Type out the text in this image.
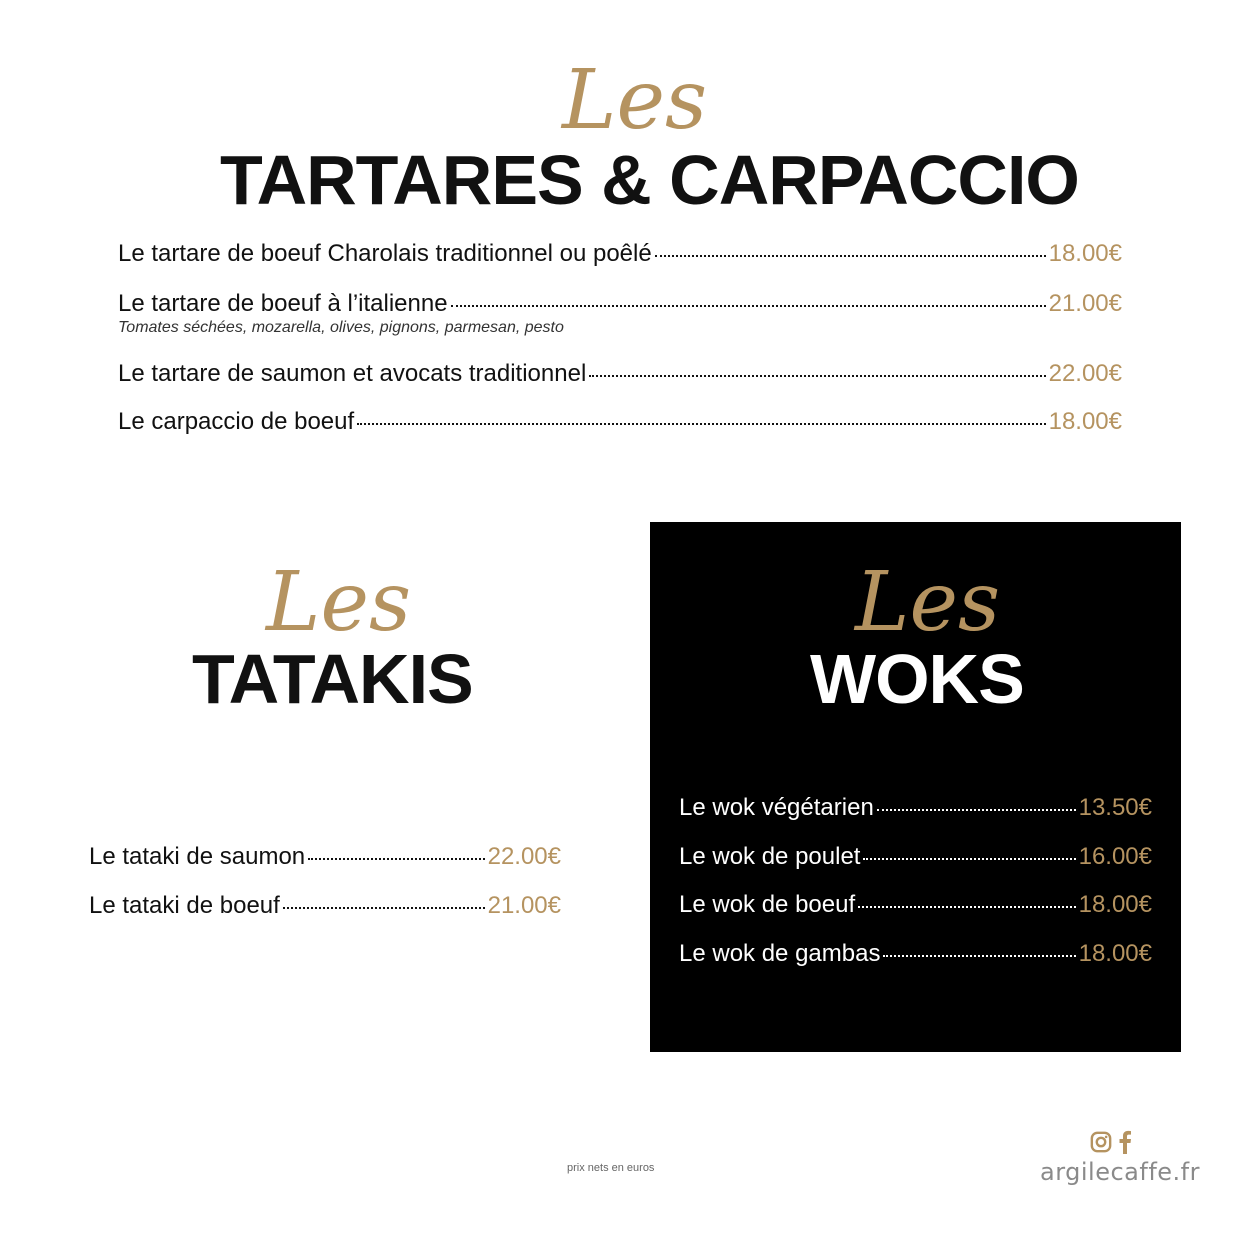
Les
TARTARES & CARPACCIO
Le tartare de boeuf Charolais traditionnel ou poêlé	18.00€
Le tartare de boeuf à l’italienne	21.00€
Tomates séchées, mozarella, olives, pignons, parmesan, pesto
Le tartare de saumon et avocats traditionnel	22.00€
Le carpaccio de boeuf	18.00€
Les
TATAKIS
Le tataki de saumon	22.00€
Le tataki de boeuf	21.00€
Les
WOKS
Le wok végétarien	13.50€
Le wok de poulet	16.00€
Le wok de boeuf	18.00€
Le wok de gambas	18.00€
prix nets en euros	argilecaffe.fr
